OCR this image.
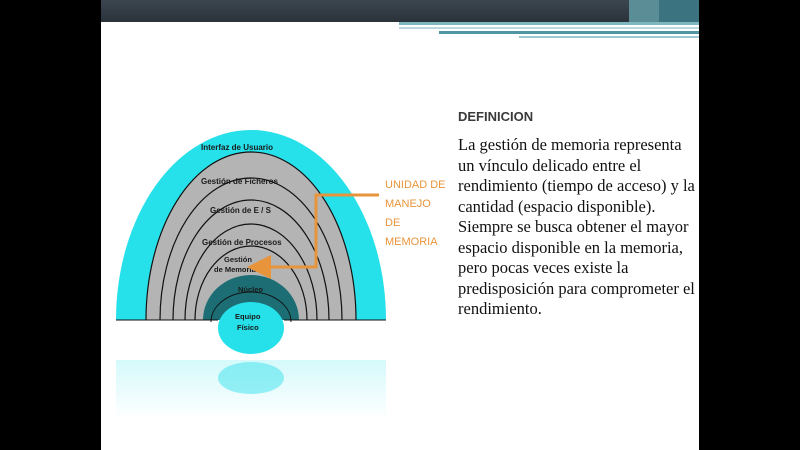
Interfaz de Usuario
Gestión de Ficheros
Gestión de E / S
Gestión de Procesos
Gestión
de Memoria
Núcleo
Equipo
Físico
UNIDAD DE
MANEJO
DE
MEMORIA
DEFINICION

La gestión de memoria representa un vínculo delicado entre el rendimiento (tiempo de acceso) y la cantidad (espacio disponible). Siempre se busca obtener el mayor espacio disponible en la memoria, pero pocas veces existe la predisposición para comprometer el rendimiento.
